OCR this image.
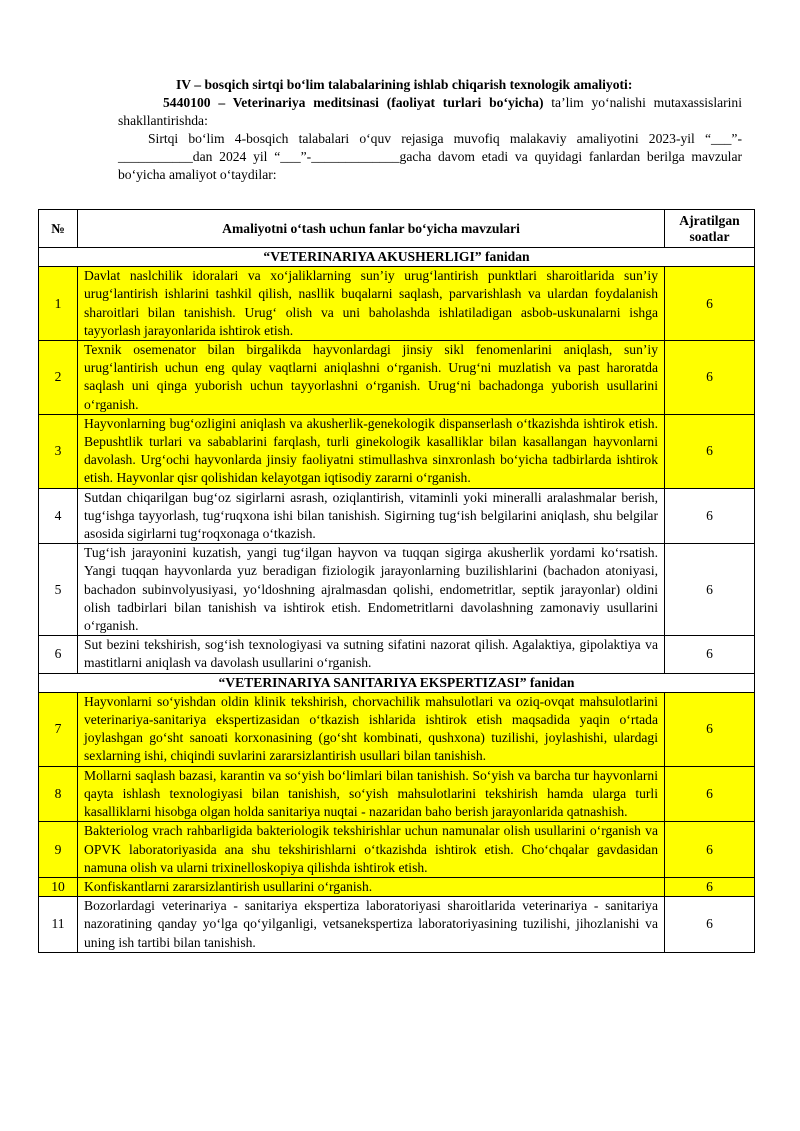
IV – bosqich sirtqi bo‘lim talabalarining ishlab chiqarish texnologik amaliyoti:

5440100 – Veterinariya meditsinasi (faoliyat turlari bo‘yicha) ta’lim yo‘nalishi mutaxassislarini shakllantirishda:

Sirtqi bo‘lim 4-bosqich talabalari o‘quv rejasiga muvofiq malakaviy amaliyotini 2023-yil “___”-___________dan 2024 yil “___”-_____________gacha davom etadi va quyidagi fanlardan berilga mavzular bo‘yicha amaliyot o‘taydilar:

№	Amaliyotni o‘tash uchun fanlar bo‘yicha mavzulari	Ajratilgan soatlar
“VETERINARIYA AKUSHERLIGI” fanidan		
1	Davlat naslchilik idoralari va xo‘jaliklarning sun’iy urug‘lantirish punktlari sharoitlarida sun’iy urug‘lantirish ishlarini tashkil qilish, nasllik buqalarni saqlash, parvarishlash va ulardan foydalanish sharoitlari bilan tanishish. Urug‘ olish va uni baholashda ishlatiladigan asbob-uskunalarni ishga tayyorlash jarayonlarida ishtirok etish.	6
2	Texnik osemenator bilan birgalikda hayvonlardagi jinsiy sikl fenomenlarini aniqlash, sun’iy urug‘lantirish uchun eng qulay vaqtlarni aniqlashni o‘rganish. Urug‘ni muzlatish va past haroratda saqlash uni qinga yuborish uchun tayyorlashni o‘rganish. Urug‘ni bachadonga yuborish usullarini o‘rganish.	6
3	Hayvonlarning bug‘ozligini aniqlash va akusherlik-genekologik dispanserlash o‘tkazishda ishtirok etish. Bepushtlik turlari va sabablarini farqlash, turli ginekologik kasalliklar bilan kasallangan hayvonlarni davolash. Urg‘ochi hayvonlarda jinsiy faoliyatni stimullashva sinxronlash bo‘yicha tadbirlarda ishtirok etish. Hayvonlar qisr qolishidan kelayotgan iqtisodiy zararni o‘rganish.	6
4	Sutdan chiqarilgan bug‘oz sigirlarni asrash, oziqlantirish, vitaminli yoki mineralli aralashmalar berish, tug‘ishga tayyorlash, tug‘ruqxona ishi bilan tanishish. Sigirning tug‘ish belgilarini aniqlash, shu belgilar asosida sigirlarni tug‘roqxonaga o‘tkazish.	6
5	Tug‘ish jarayonini kuzatish, yangi tug‘ilgan hayvon va tuqqan sigirga akusherlik yordami ko‘rsatish. Yangi tuqqan hayvonlarda yuz beradigan fiziologik jarayonlarning buzilishlarini (bachadon atoniyasi, bachadon subinvolyusiyasi, yo‘ldoshning ajralmasdan qolishi, endometritlar, septik jarayonlar) oldini olish tadbirlari bilan tanishish va ishtirok etish. Endometritlarni davolashning zamonaviy usullarini o‘rganish.	6
6	Sut bezini tekshirish, sog‘ish texnologiyasi va sutning sifatini nazorat qilish. Agalaktiya, gipolaktiya va mastitlarni aniqlash va davolash usullarini o‘rganish.	6
“VETERINARIYA SANITARIYA EKSPERTIZASI” fanidan		
7	Hayvonlarni so‘yishdan oldin klinik tekshirish, chorvachilik mahsulotlari va oziq-ovqat mahsulotlarini veterinariya-sanitariya ekspertizasidan o‘tkazish ishlarida ishtirok etish maqsadida yaqin o‘rtada joylashgan go‘sht sanoati korxonasining (go‘sht kombinati, qushxona) tuzilishi, joylashishi, ulardagi sexlarning ishi, chiqindi suvlarini zararsizlantirish usullari bilan tanishish.	6
8	Mollarni saqlash bazasi, karantin va so‘yish bo‘limlari bilan tanishish. So‘yish va barcha tur hayvonlarni qayta ishlash texnologiyasi bilan tanishish, so‘yish mahsulotlarini tekshirish hamda ularga turli kasalliklarni hisobga olgan holda sanitariya nuqtai - nazaridan baho berish jarayonlarida qatnashish.	6
9	Bakteriolog vrach rahbarligida bakteriologik tekshirishlar uchun namunalar olish usullarini o‘rganish va OPVK laboratoriyasida ana shu tekshirishlarni o‘tkazishda ishtirok etish. Cho‘chqalar gavdasidan namuna olish va ularni trixinelloskopiya qilishda ishtirok etish.	6
10	Konfiskantlarni zararsizlantirish usullarini o‘rganish.	6
11	Bozorlardagi veterinariya - sanitariya ekspertiza laboratoriyasi sharoitlarida veterinariya - sanitariya nazoratining qanday yo‘lga qo‘yilganligi, vetsanekspertiza laboratoriyasining tuzilishi, jihozlanishi va uning ish tartibi bilan tanishish.	6
